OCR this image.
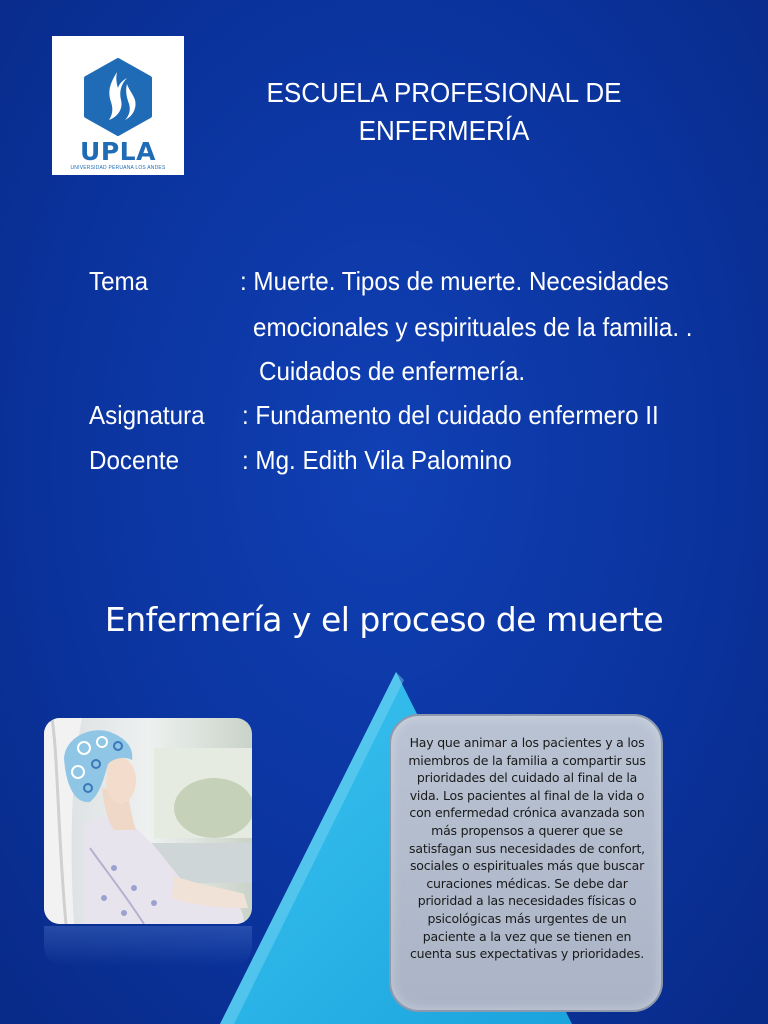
UPLA
UNIVERSIDAD PERUANA LOS ANDES
ESCUELA PROFESIONAL DE
ENFERMERÍA
Tema	: Muerte. Tipos de muerte. Necesidades
emocionales y espirituales de la familia. .
Cuidados de enfermería.
Asignatura : Fundamento del cuidado enfermero II
Docente : Mg. Edith Vila Palomino
Enfermería y el proceso de muerte
Hay que animar a los pacientes y a los miembros de la familia a compartir sus prioridades del cuidado al final de la vida. Los pacientes al final de la vida o con enfermedad crónica avanzada son más propensos a querer que se satisfagan sus necesidades de confort, sociales o espirituales más que buscar curaciones médicas. Se debe dar prioridad a las necesidades físicas o psicológicas más urgentes de un paciente a la vez que se tienen en cuenta sus expectativas y prioridades.
